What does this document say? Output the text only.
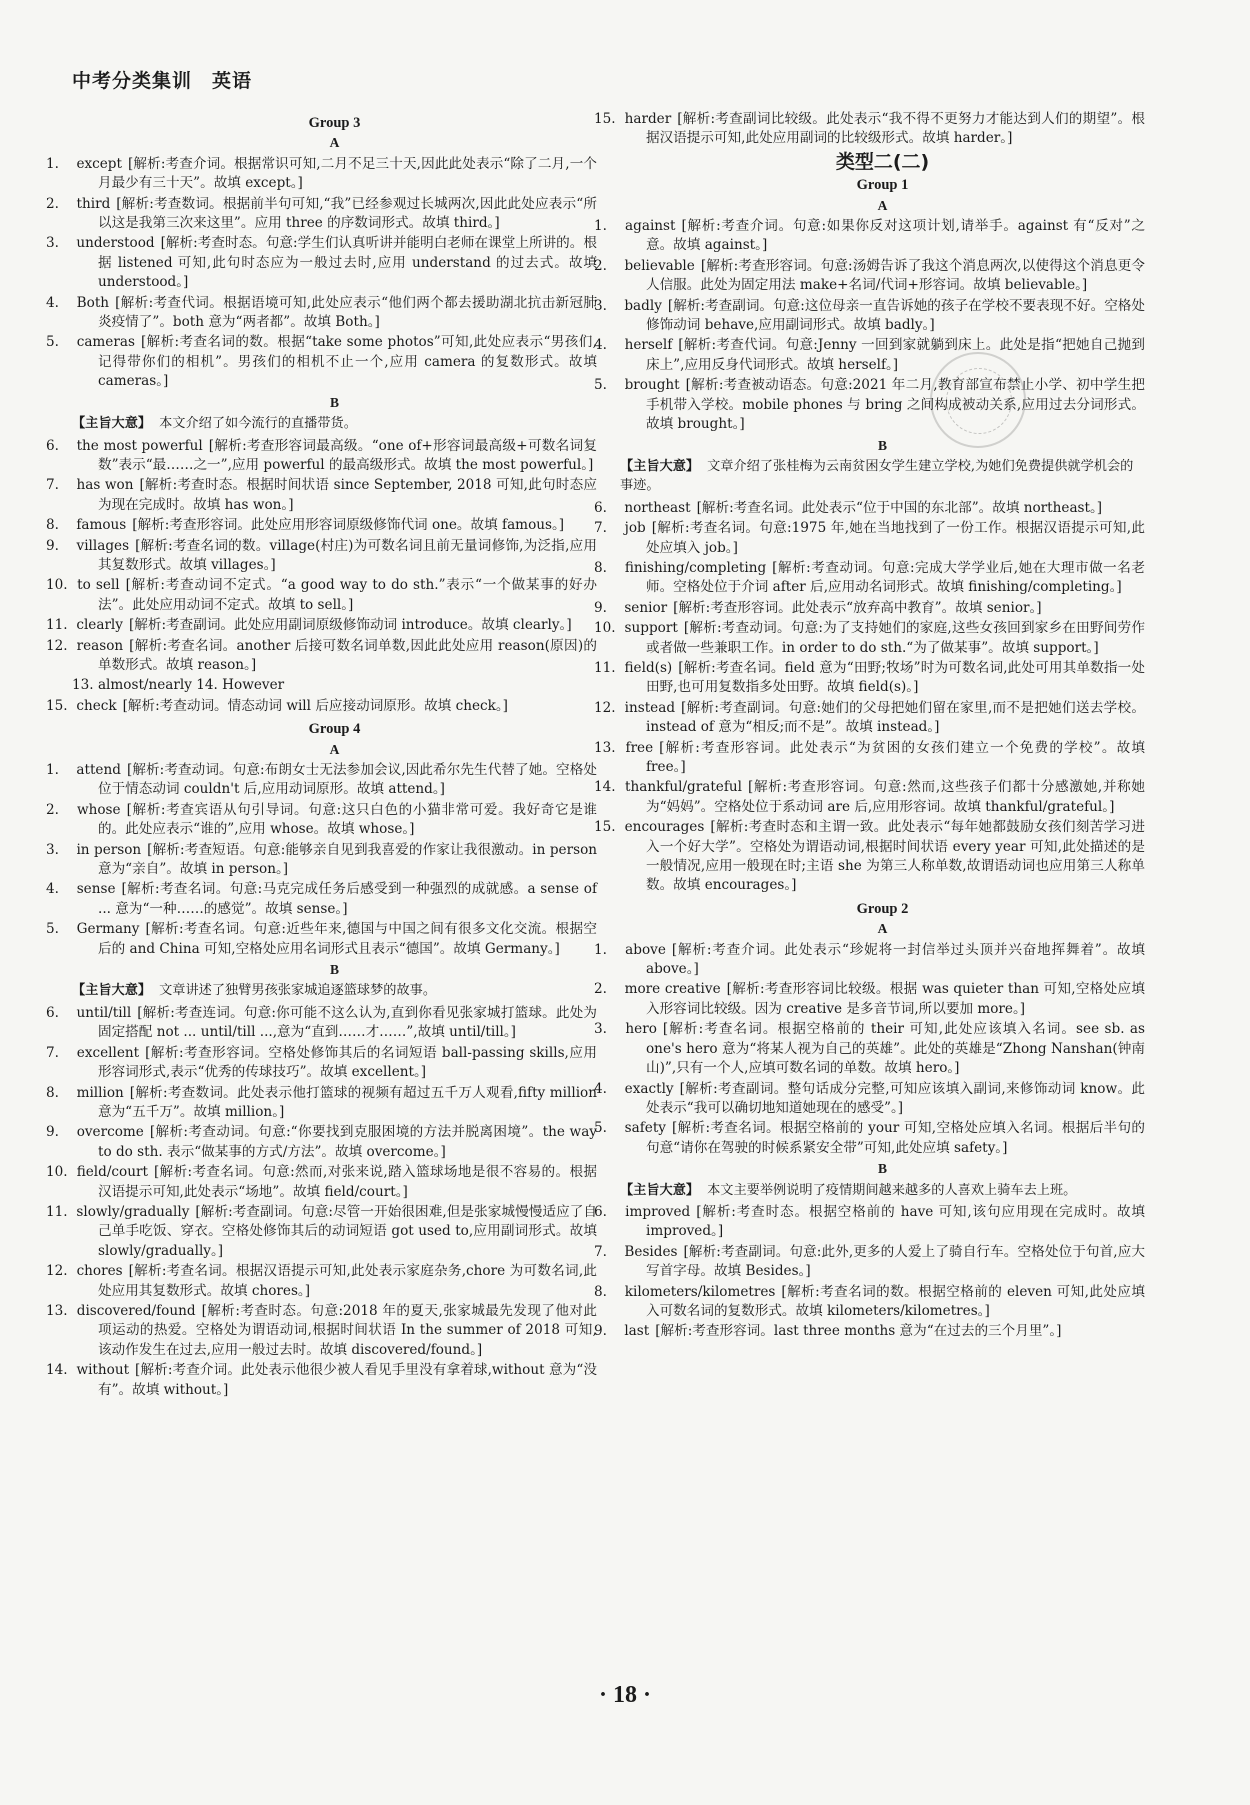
中考分类集训 英语
Group 3
A
1. except [解析:考查介词。根据常识可知,二月不足三十天,因此此处表示“除了二月,一个月最少有三十天”。故填 except。]
2. third [解析:考查数词。根据前半句可知,“我”已经参观过长城两次,因此此处应表示“所以这是我第三次来这里”。应用 three 的序数词形式。故填 third。]
3. understood [解析:考查时态。句意:学生们认真听讲并能明白老师在课堂上所讲的。根据 listened 可知,此句时态应为一般过去时,应用 understand 的过去式。故填 understood。]
4. Both [解析:考查代词。根据语境可知,此处应表示“他们两个都去援助湖北抗击新冠肺炎疫情了”。both 意为“两者都”。故填 Both。]
5. cameras [解析:考查名词的数。根据“take some photos”可知,此处应表示“男孩们,记得带你们的相机”。男孩们的相机不止一个,应用 camera 的复数形式。故填 cameras。]
B
【主旨大意】 本文介绍了如今流行的直播带货。
6. the most powerful [解析:考查形容词最高级。“one of+形容词最高级+可数名词复数”表示“最……之一”,应用 powerful 的最高级形式。故填 the most powerful。]
7. has won [解析:考查时态。根据时间状语 since September, 2018 可知,此句时态应为现在完成时。故填 has won。]
8. famous [解析:考查形容词。此处应用形容词原级修饰代词 one。故填 famous。]
9. villages [解析:考查名词的数。village(村庄)为可数名词且前无量词修饰,为泛指,应用其复数形式。故填 villages。]
10. to sell [解析:考查动词不定式。“a good way to do sth.”表示“一个做某事的好办法”。此处应用动词不定式。故填 to sell。]
11. clearly [解析:考查副词。此处应用副词原级修饰动词 introduce。故填 clearly。]
12. reason [解析:考查名词。another 后接可数名词单数,因此此处应用 reason(原因)的单数形式。故填 reason。]
13. almost/nearly 14. However
15. check [解析:考查动词。情态动词 will 后应接动词原形。故填 check。]
Group 4
A
1. attend [解析:考查动词。句意:布朗女士无法参加会议,因此希尔先生代替了她。空格处位于情态动词 couldn't 后,应用动词原形。故填 attend。]
2. whose [解析:考查宾语从句引导词。句意:这只白色的小猫非常可爱。我好奇它是谁的。此处应表示“谁的”,应用 whose。故填 whose。]
3. in person [解析:考查短语。句意:能够亲自见到我喜爱的作家让我很激动。in person 意为“亲自”。故填 in person。]
4. sense [解析:考查名词。句意:马克完成任务后感受到一种强烈的成就感。a sense of ... 意为“一种……的感觉”。故填 sense。]
5. Germany [解析:考查名词。句意:近些年来,德国与中国之间有很多文化交流。根据空后的 and China 可知,空格处应用名词形式且表示“德国”。故填 Germany。]
B
【主旨大意】 文章讲述了独臂男孩张家城追逐篮球梦的故事。
6. until/till [解析:考查连词。句意:你可能不这么认为,直到你看见张家城打篮球。此处为固定搭配 not ... until/till ...,意为“直到……才……”,故填 until/till。]
7. excellent [解析:考查形容词。空格处修饰其后的名词短语 ball-passing skills,应用形容词形式,表示“优秀的传球技巧”。故填 excellent。]
8. million [解析:考查数词。此处表示他打篮球的视频有超过五千万人观看,fifty million 意为“五千万”。故填 million。]
9. overcome [解析:考查动词。句意:“你要找到克服困境的方法并脱离困境”。the way to do sth. 表示“做某事的方式/方法”。故填 overcome。]
10. field/court [解析:考查名词。句意:然而,对张来说,踏入篮球场地是很不容易的。根据汉语提示可知,此处表示“场地”。故填 field/court。]
11. slowly/gradually [解析:考查副词。句意:尽管一开始很困难,但是张家城慢慢适应了自己单手吃饭、穿衣。空格处修饰其后的动词短语 got used to,应用副词形式。故填 slowly/gradually。]
12. chores [解析:考查名词。根据汉语提示可知,此处表示家庭杂务,chore 为可数名词,此处应用其复数形式。故填 chores。]
13. discovered/found [解析:考查时态。句意:2018 年的夏天,张家城最先发现了他对此项运动的热爱。空格处为谓语动词,根据时间状语 In the summer of 2018 可知,该动作发生在过去,应用一般过去时。故填 discovered/found。]
14. without [解析:考查介词。此处表示他很少被人看见手里没有拿着球,without 意为“没有”。故填 without。]
15. harder [解析:考查副词比较级。此处表示“我不得不更努力才能达到人们的期望”。根据汉语提示可知,此处应用副词的比较级形式。故填 harder。]
类型二(二)
Group 1
A
1. against [解析:考查介词。句意:如果你反对这项计划,请举手。against 有“反对”之意。故填 against。]
2. believable [解析:考查形容词。句意:汤姆告诉了我这个消息两次,以使得这个消息更令人信服。此处为固定用法 make+名词/代词+形容词。故填 believable。]
3. badly [解析:考查副词。句意:这位母亲一直告诉她的孩子在学校不要表现不好。空格处修饰动词 behave,应用副词形式。故填 badly。]
4. herself [解析:考查代词。句意:Jenny 一回到家就躺到床上。此处是指“把她自己抛到床上”,应用反身代词形式。故填 herself。]
5. brought [解析:考查被动语态。句意:2021 年二月,教育部宣布禁止小学、初中学生把手机带入学校。mobile phones 与 bring 之间构成被动关系,应用过去分词形式。故填 brought。]
B
【主旨大意】 文章介绍了张桂梅为云南贫困女学生建立学校,为她们免费提供就学机会的事迹。
6. northeast [解析:考查名词。此处表示“位于中国的东北部”。故填 northeast。]
7. job [解析:考查名词。句意:1975 年,她在当地找到了一份工作。根据汉语提示可知,此处应填入 job。]
8. finishing/completing [解析:考查动词。句意:完成大学学业后,她在大理市做一名老师。空格处位于介词 after 后,应用动名词形式。故填 finishing/completing。]
9. senior [解析:考查形容词。此处表示“放弃高中教育”。故填 senior。]
10. support [解析:考查动词。句意:为了支持她们的家庭,这些女孩回到家乡在田野间劳作或者做一些兼职工作。in order to do sth.“为了做某事”。故填 support。]
11. field(s) [解析:考查名词。field 意为“田野;牧场”时为可数名词,此处可用其单数指一处田野,也可用复数指多处田野。故填 field(s)。]
12. instead [解析:考查副词。句意:她们的父母把她们留在家里,而不是把她们送去学校。instead of 意为“相反;而不是”。故填 instead。]
13. free [解析:考查形容词。此处表示“为贫困的女孩们建立一个免费的学校”。故填 free。]
14. thankful/grateful [解析:考查形容词。句意:然而,这些孩子们都十分感激她,并称她为“妈妈”。空格处位于系动词 are 后,应用形容词。故填 thankful/grateful。]
15. encourages [解析:考查时态和主谓一致。此处表示“每年她都鼓励女孩们刻苦学习进入一个好大学”。空格处为谓语动词,根据时间状语 every year 可知,此处描述的是一般情况,应用一般现在时;主语 she 为第三人称单数,故谓语动词也应用第三人称单数。故填 encourages。]
Group 2
A
1. above [解析:考查介词。此处表示“珍妮将一封信举过头顶并兴奋地挥舞着”。故填 above。]
2. more creative [解析:考查形容词比较级。根据 was quieter than 可知,空格处应填入形容词比较级。因为 creative 是多音节词,所以要加 more。]
3. hero [解析:考查名词。根据空格前的 their 可知,此处应该填入名词。see sb. as one's hero 意为“将某人视为自己的英雄”。此处的英雄是“Zhong Nanshan(钟南山)”,只有一个人,应填可数名词的单数。故填 hero。]
4. exactly [解析:考查副词。整句话成分完整,可知应该填入副词,来修饰动词 know。此处表示“我可以确切地知道她现在的感受”。]
5. safety [解析:考查名词。根据空格前的 your 可知,空格处应填入名词。根据后半句的句意“请你在驾驶的时候系紧安全带”可知,此处应填 safety。]
B
【主旨大意】 本文主要举例说明了疫情期间越来越多的人喜欢上骑车去上班。
6. improved [解析:考查时态。根据空格前的 have 可知,该句应用现在完成时。故填 improved。]
7. Besides [解析:考查副词。句意:此外,更多的人爱上了骑自行车。空格处位于句首,应大写首字母。故填 Besides。]
8. kilometers/kilometres [解析:考查名词的数。根据空格前的 eleven 可知,此处应填入可数名词的复数形式。故填 kilometers/kilometres。]
9. last [解析:考查形容词。last three months 意为“在过去的三个月里”。]
· 18 ·
